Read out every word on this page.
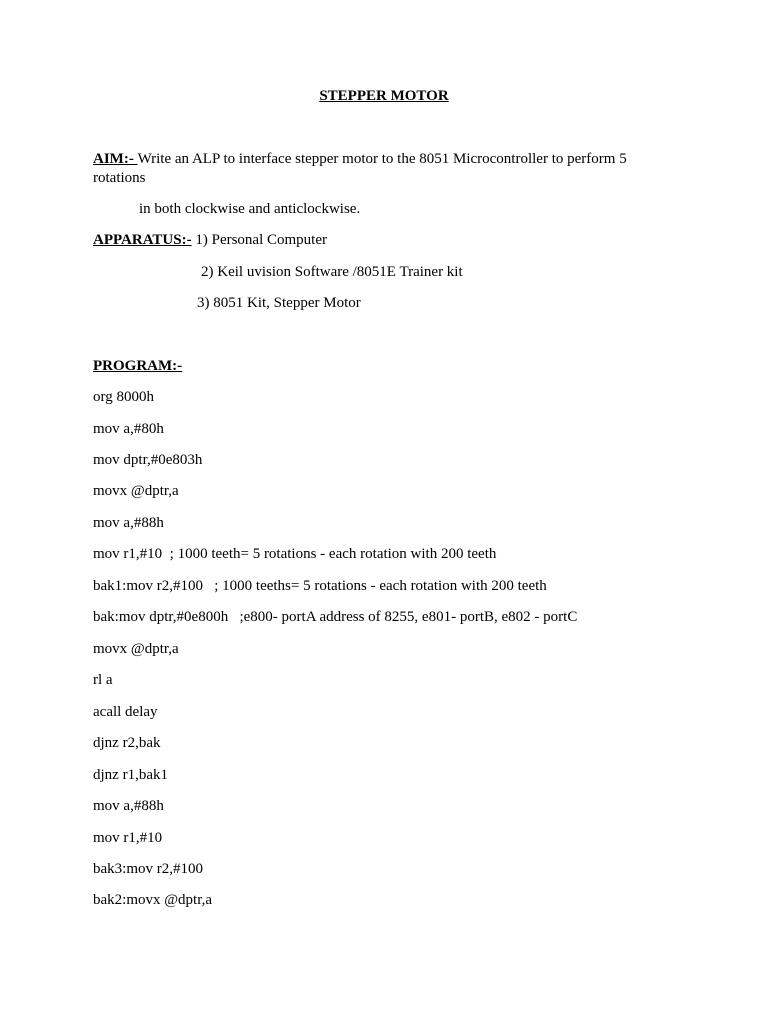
STEPPER MOTOR
AIM:- Write an ALP to interface stepper motor to the 8051 Microcontroller to perform 5 rotations
in both clockwise and anticlockwise.
APPARATUS:- 1) Personal Computer
2) Keil uvision Software /8051E Trainer kit
3) 8051 Kit, Stepper Motor
PROGRAM:-
org 8000h
mov a,#80h
mov dptr,#0e803h
movx @dptr,a
mov a,#88h
mov r1,#10  ; 1000 teeth= 5 rotations - each rotation with 200 teeth
bak1:mov r2,#100   ; 1000 teeths= 5 rotations - each rotation with 200 teeth
bak:mov dptr,#0e800h   ;e800- portA address of 8255, e801- portB, e802 - portC
movx @dptr,a
rl a
acall delay
djnz r2,bak
djnz r1,bak1
mov a,#88h
mov r1,#10
bak3:mov r2,#100
bak2:movx @dptr,a
